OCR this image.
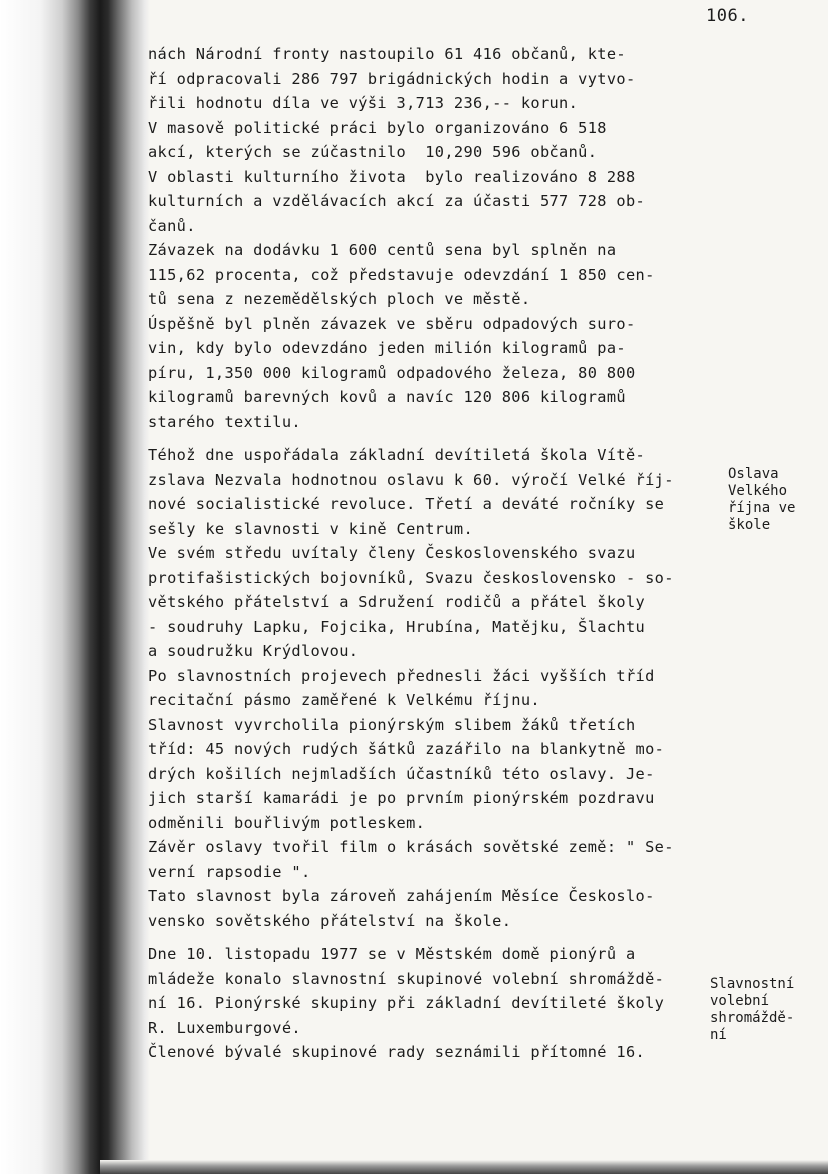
106.
nách Národní fronty nastoupilo 61 416 občanů, kte-
ří odpracovali 286 797 brigádnických hodin a vytvo-
řili hodnotu díla ve výši 3,713 236,-- korun.
V masově politické práci bylo organizováno 6 518
akcí, kterých se zúčastnilo  10,290 596 občanů.
V oblasti kulturního života  bylo realizováno 8 288
kulturních a vzdělávacích akcí za účasti 577 728 ob-
čanů.
Závazek na dodávku 1 600 centů sena byl splněn na
115,62 procenta, což představuje odevzdání 1 850 cen-
tů sena z nezemědělských ploch ve městě.
Úspěšně byl plněn závazek ve sběru odpadových suro-
vin, kdy bylo odevzdáno jeden milión kilogramů pa-
píru, 1,350 000 kilogramů odpadového železa, 80 800
kilogramů barevných kovů a navíc 120 806 kilogramů
starého textilu.
Téhož dne uspořádala základní devítiletá škola Vítě-
zslava Nezvala hodnotnou oslavu k 60. výročí Velké říj-
nové socialistické revoluce. Třetí a deváté ročníky se
sešly ke slavnosti v kině Centrum.
Ve svém středu uvítaly členy Československého svazu
protifašistických bojovníků, Svazu československo - so-
větského přátelství a Sdružení rodičů a přátel školy
- soudruhy Lapku, Fojcika, Hrubína, Matějku, Šlachtu
a soudružku Krýdlovou.
Po slavnostních projevech přednesli žáci vyšších tříd
recitační pásmo zaměřené k Velkému říjnu.
Slavnost vyvrcholila pionýrským slibem žáků třetích
tříd: 45 nových rudých šátků zazářilo na blankytně mo-
drých košilích nejmladších účastníků této oslavy. Je-
jich starší kamarádi je po prvním pionýrském pozdravu
odměnili bouřlivým potleskem.
Závěr oslavy tvořil film o krásách sovětské země: " Se-
verní rapsodie ".
Tato slavnost byla zároveň zahájením Měsíce Českoslo-
vensko sovětského přátelství na škole.
Dne 10. listopadu 1977 se v Městském domě pionýrů a
mládeže konalo slavnostní skupinové volební shromáždě-
ní 16. Pionýrské skupiny při základní devítileté školy
R. Luxemburgové.
Členové bývalé skupinové rady seznámili přítomné 16.
Oslava
Velkého
října ve
škole
Slavnostní
volební
shromáždě-
ní
